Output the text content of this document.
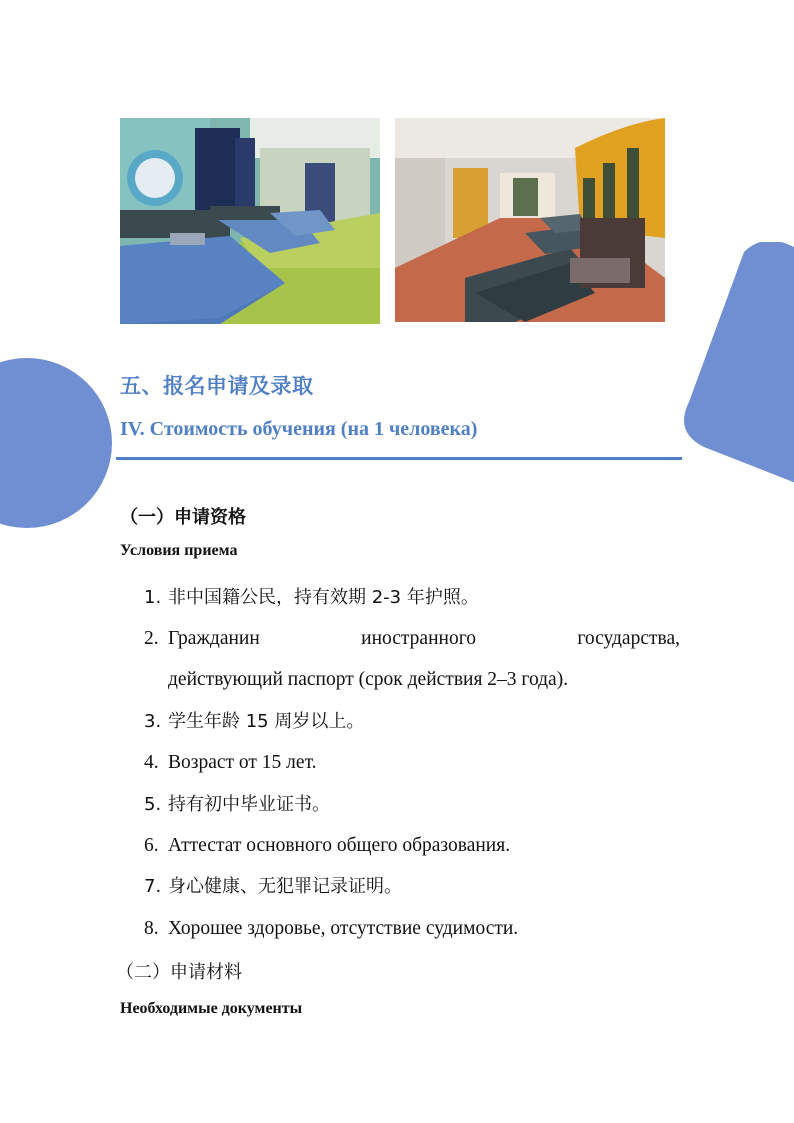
五、报名申请及录取
IV. Стоимость обучения (на 1 человека)
（一）申请资格
Условия приема
1. 非中国籍公民，持有效期 2-3 年护照。
2. Гражданин иностранного государства,
действующий паспорт (срок действия 2–3 года).
3. 学生年龄 15 周岁以上。
4. Возраст от 15 лет.
5. 持有初中毕业证书。
6. Аттестат основного общего образования.
7. 身心健康、无犯罪记录证明。
8. Хорошее здоровье, отсутствие судимости.
（二）申请材料
Необходимые документы
